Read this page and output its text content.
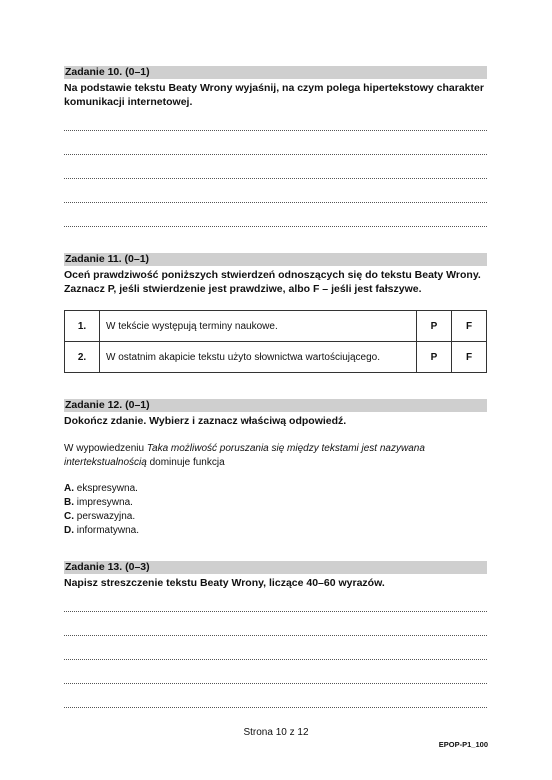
Zadanie 10. (0–1)
Na podstawie tekstu Beaty Wrony wyjaśnij, na czym polega hipertekstowy charakter komunikacji internetowej.
Zadanie 11. (0–1)
Oceń prawdziwość poniższych stwierdzeń odnoszących się do tekstu Beaty Wrony. Zaznacz P, jeśli stwierdzenie jest prawdziwe, albo F – jeśli jest fałszywe.
1.	W tekście występują terminy naukowe.	P	F
2.	W ostatnim akapicie tekstu użyto słownictwa wartościującego.	P	F
Zadanie 12. (0–1)
Dokończ zdanie. Wybierz i zaznacz właściwą odpowiedź.
W wypowiedzeniu Taka możliwość poruszania się między tekstami jest nazywana intertekstualnością dominuje funkcja
A. ekspresywna.
B. impresywna.
C. perswazyjna.
D. informatywna.
Zadanie 13. (0–3)
Napisz streszczenie tekstu Beaty Wrony, liczące 40–60 wyrazów.
Strona 10 z 12
EPOP-P1_100
